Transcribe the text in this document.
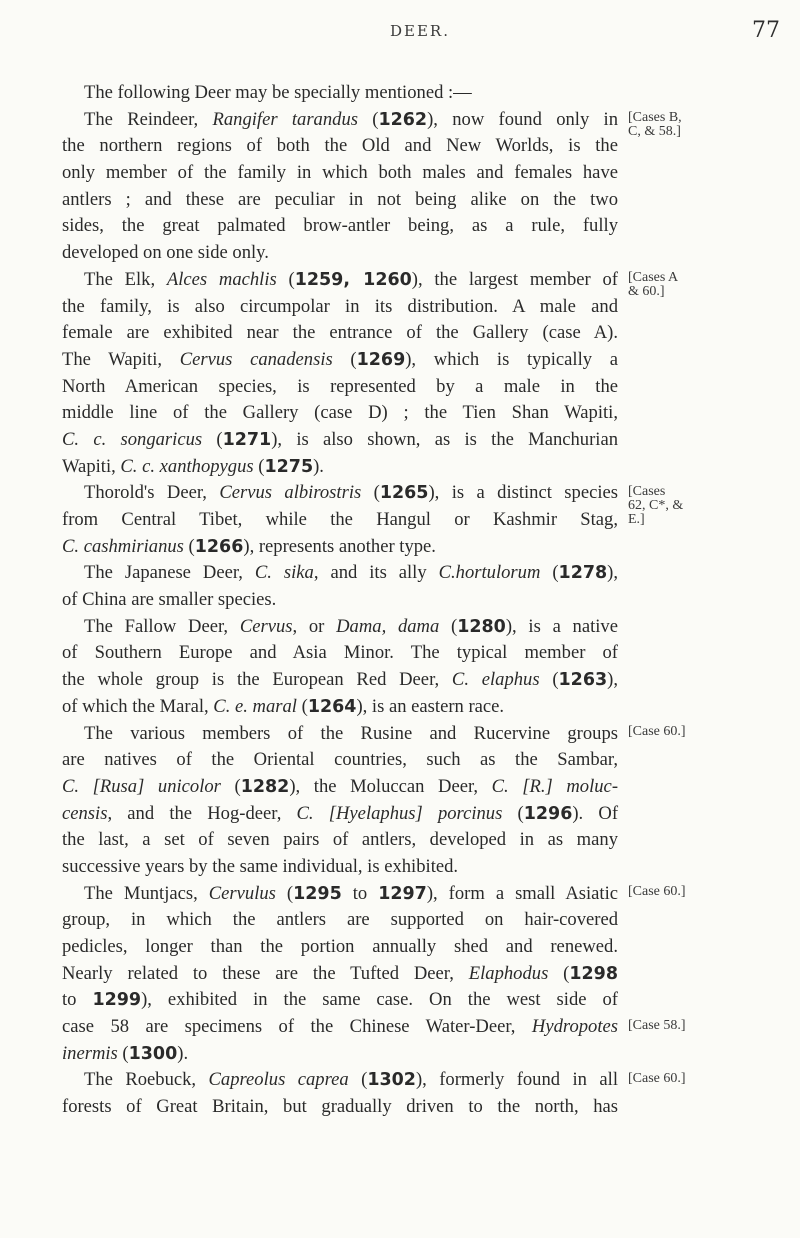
DEER.	77
The following Deer may be specially mentioned :—
The Reindeer, Rangifer tarandus (1262), now found only in
the northern regions of both the Old and New Worlds, is the
only member of the family in which both males and females have
antlers ; and these are peculiar in not being alike on the two
sides, the great palmated brow-antler being, as a rule, fully
developed on one side only.
The Elk, Alces machlis (1259, 1260), the largest member of
the family, is also circumpolar in its distribution. A male and
female are exhibited near the entrance of the Gallery (case A).
The Wapiti, Cervus canadensis (1269), which is typically a
North American species, is represented by a male in the
middle line of the Gallery (case D) ; the Tien Shan Wapiti,
C. c. songaricus (1271), is also shown, as is the Manchurian
Wapiti, C. c. xanthopygus (1275).
Thorold's Deer, Cervus albirostris (1265), is a distinct species
from Central Tibet, while the Hangul or Kashmir Stag,
C. cashmirianus (1266), represents another type.
The Japanese Deer, C. sika, and its ally C.hortulorum (1278),
of China are smaller species.
The Fallow Deer, Cervus, or Dama, dama (1280), is a native
of Southern Europe and Asia Minor. The typical member of
the whole group is the European Red Deer, C. elaphus (1263),
of which the Maral, C. e. maral (1264), is an eastern race.
The various members of the Rusine and Rucervine groups
are natives of the Oriental countries, such as the Sambar,
C. [Rusa] unicolor (1282), the Moluccan Deer, C. [R.] moluc-
censis, and the Hog-deer, C. [Hyelaphus] porcinus (1296). Of
the last, a set of seven pairs of antlers, developed in as many
successive years by the same individual, is exhibited.
The Muntjacs, Cervulus (1295 to 1297), form a small Asiatic
group, in which the antlers are supported on hair-covered
pedicles, longer than the portion annually shed and renewed.
Nearly related to these are the Tufted Deer, Elaphodus (1298
to 1299), exhibited in the same case. On the west side of
case 58 are specimens of the Chinese Water-Deer, Hydropotes
inermis (1300).
The Roebuck, Capreolus caprea (1302), formerly found in all
forests of Great Britain, but gradually driven to the north, has
[Cases B,
C, & 58.]
[Cases A
& 60.]
[Cases
62, C*, &
E.]
[Case 60.]
[Case 60.]
[Case 58.]
[Case 60.]
